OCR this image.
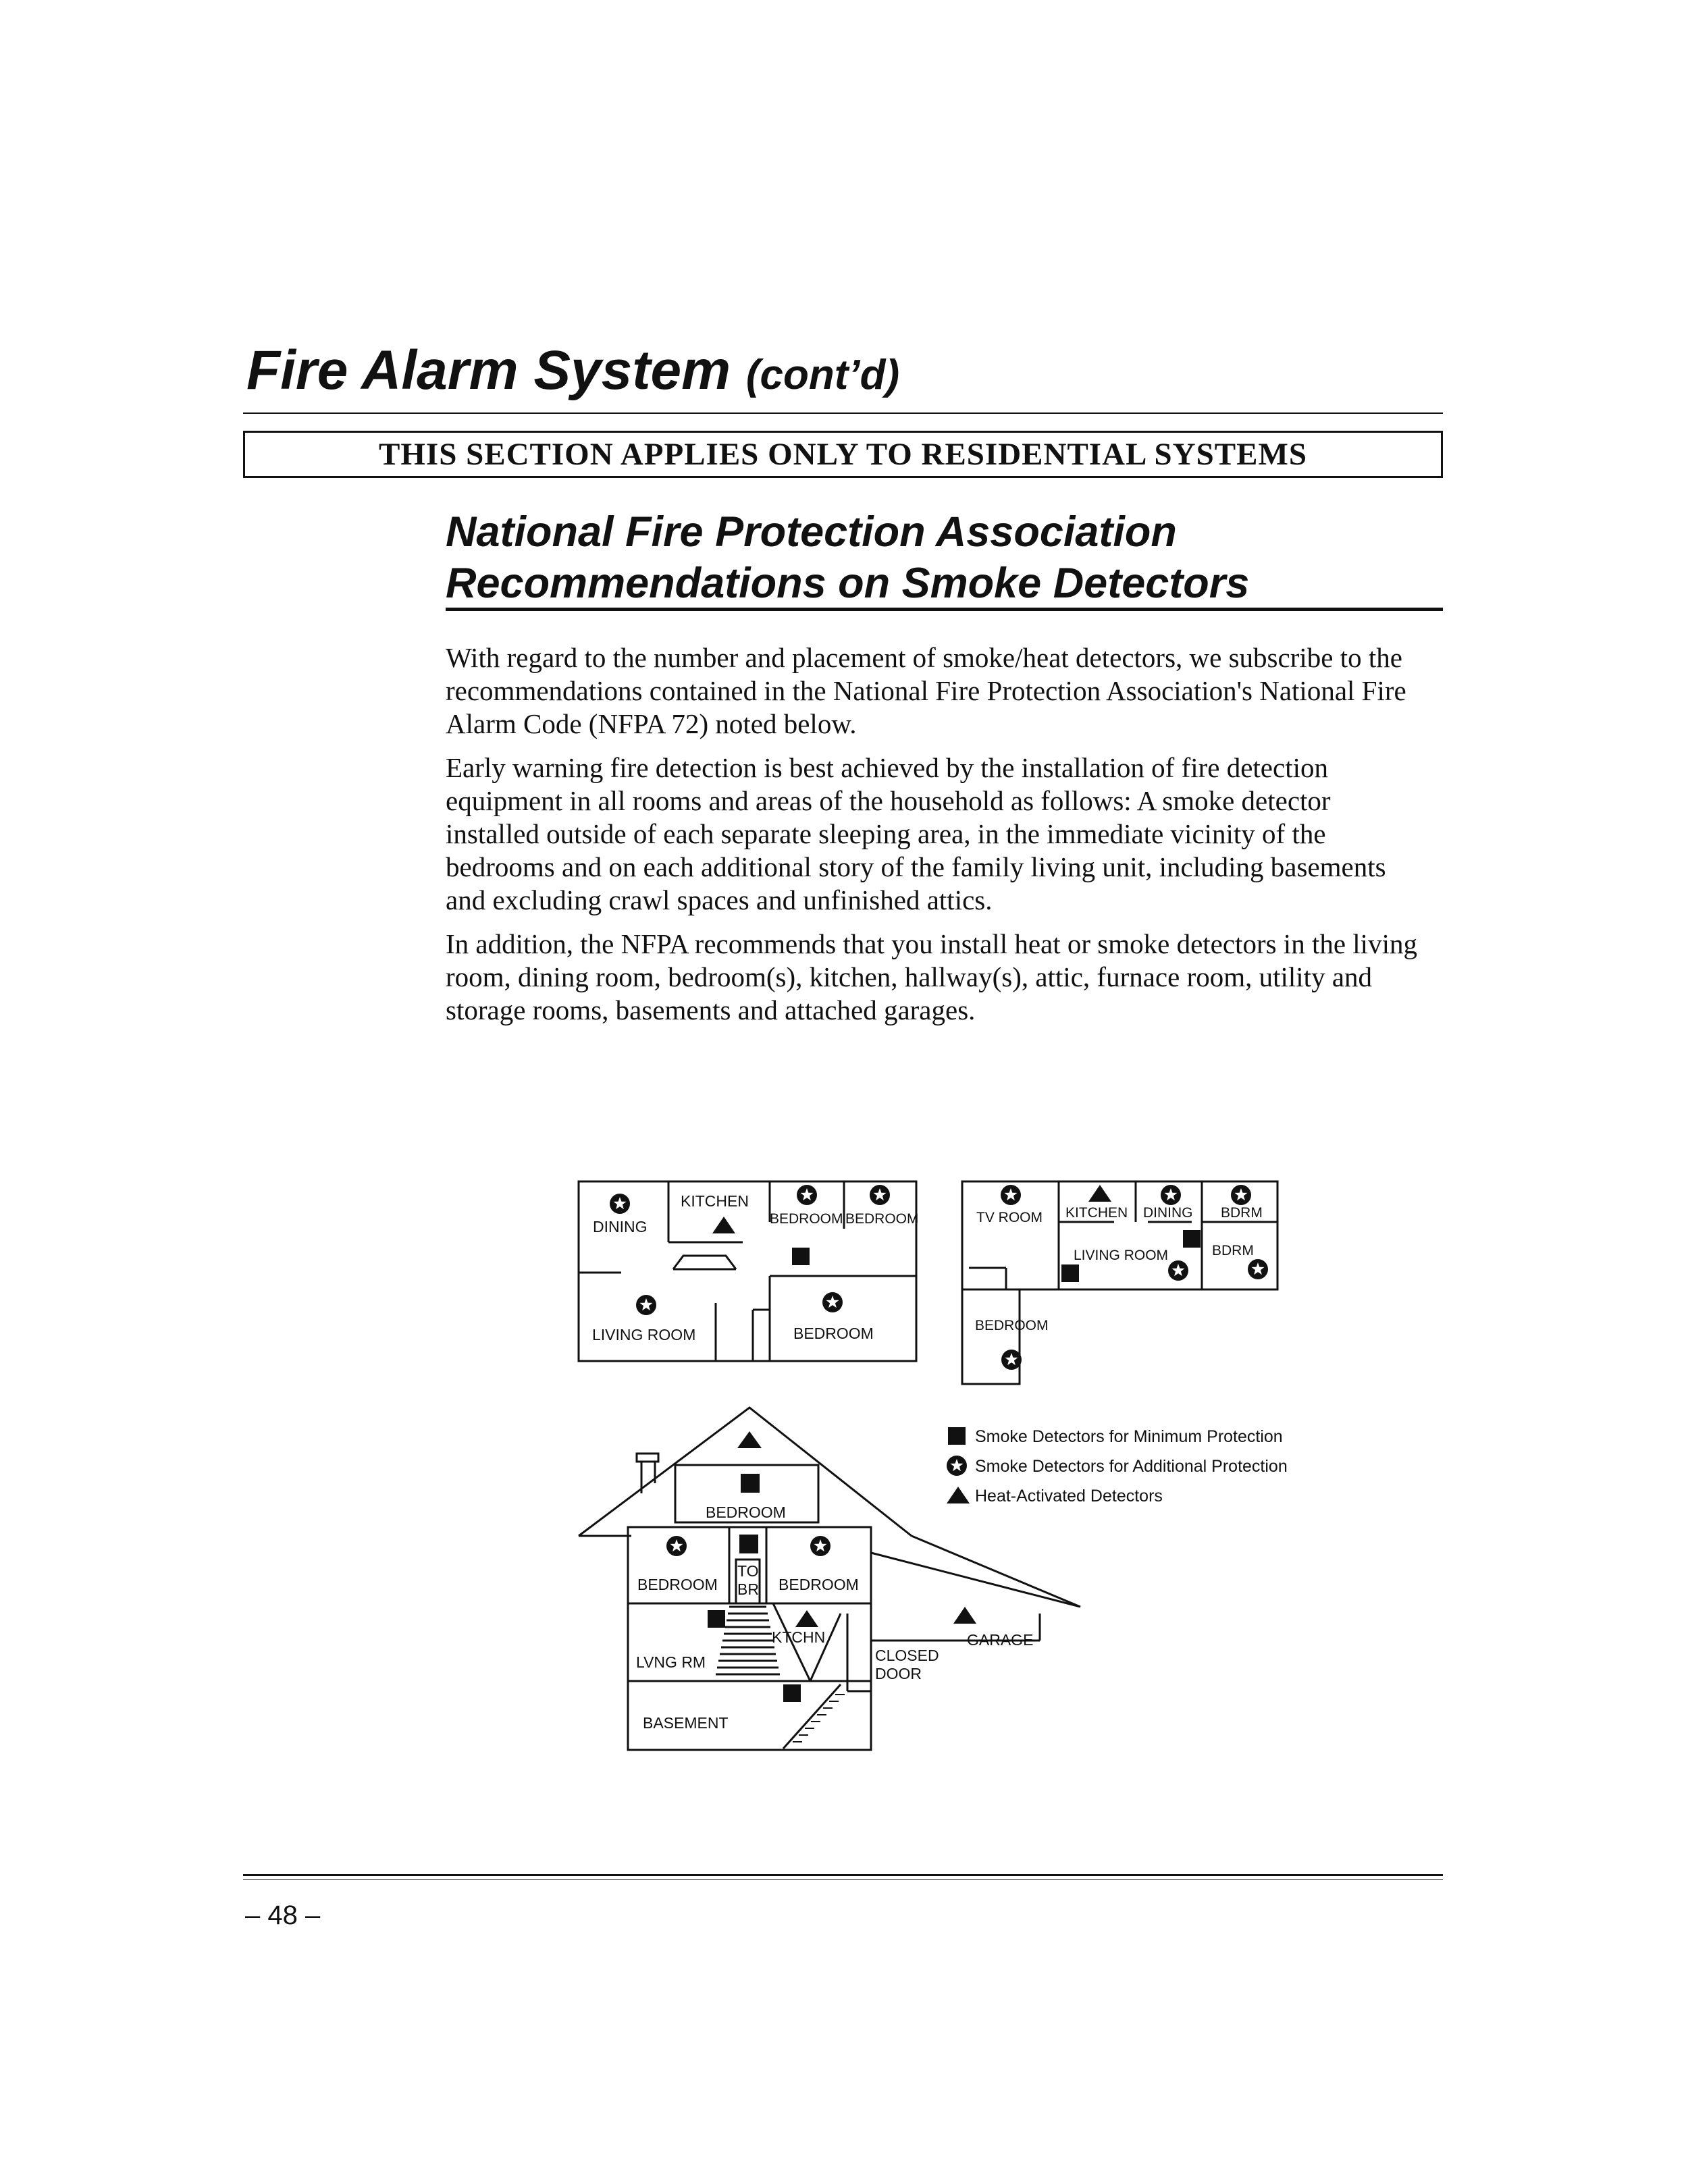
Fire Alarm System (cont’d)
THIS SECTION APPLIES ONLY TO RESIDENTIAL SYSTEMS
National Fire Protection Association
Recommendations on Smoke Detectors

With regard to the number and placement of smoke/heat detectors, we subscribe to the recommendations contained in the National Fire Protection Association's National Fire Alarm Code (NFPA 72) noted below.

Early warning fire detection is best achieved by the installation of fire detection equipment in all rooms and areas of the household as follows: A smoke detector installed outside of each separate sleeping area, in the immediate vicinity of the bedrooms and on each additional story of the family living unit, including basements and excluding crawl spaces and unfinished attics.

In addition, the NFPA recommends that you install heat or smoke detectors in the living room, dining room, bedroom(s), kitchen, hallway(s), attic, furnace room, utility and storage rooms, basements and attached garages.

DINING
KITCHEN
BEDROOM BEDROOM
LIVING ROOM	BEDROOM
TV ROOM KITCHEN DINING BDRM
BDRM
LIVING ROOM
BEDROOM
BEDROOM
BEDROOM
TO
BR BEDROOM
LVNG RM
KTCHN
CLOSED
DOOR
GARAGE
BASEMENT
Smoke Detectors for Minimum Protection
Smoke Detectors for Additional Protection
Heat-Activated Detectors
– 48 –
